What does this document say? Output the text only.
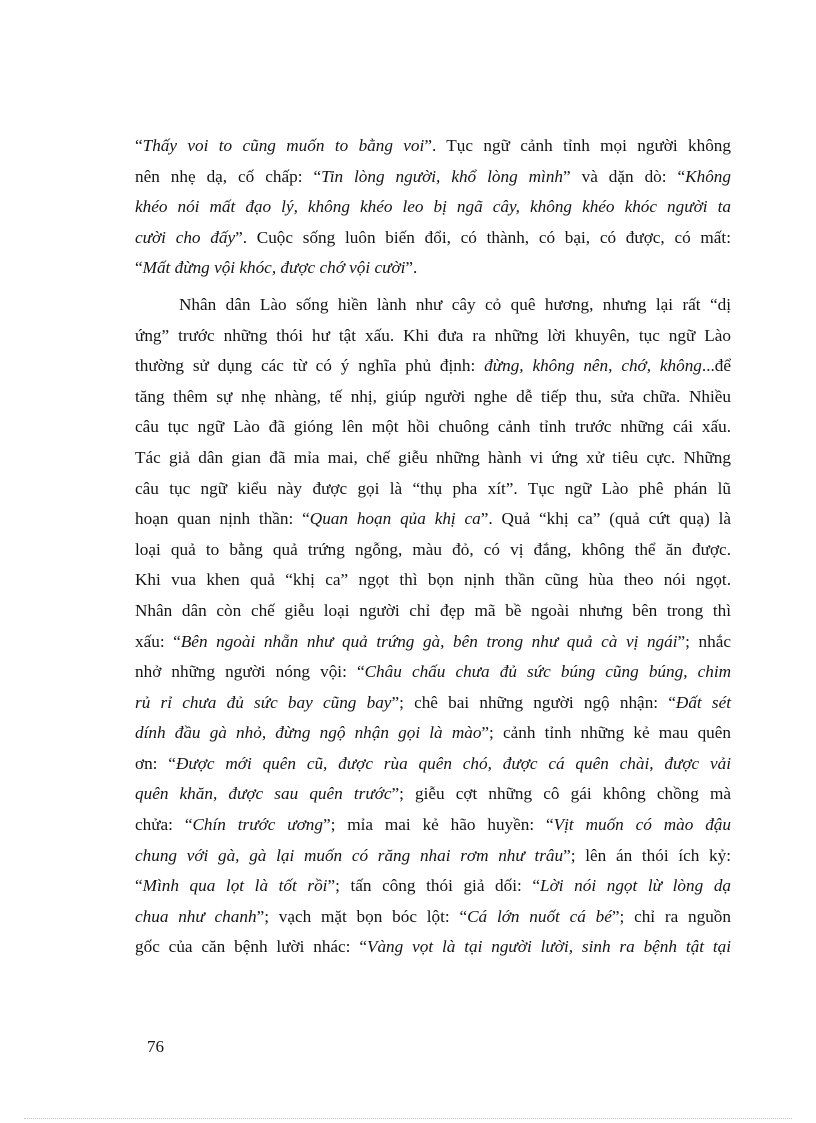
“Thấy voi to cũng muốn to bằng voi”. Tục ngữ cảnh tỉnh mọi người không
nên nhẹ dạ, cố chấp: “Tin lòng người, khổ lòng mình” và dặn dò: “Không
khéo nói mất đạo lý, không khéo leo bị ngã cây, không khéo khóc người ta
cười cho đấy”. Cuộc sống luôn biến đổi, có thành, có bại, có được, có mất:
“Mất đừng vội khóc, được chớ vội cười”.
Nhân dân Lào sống hiền lành như cây cỏ quê hương, nhưng lại rất “dị
ứng” trước những thói hư tật xấu. Khi đưa ra những lời khuyên, tục ngữ Lào
thường sử dụng các từ có ý nghĩa phủ định: đừng, không nên, chớ, không...để
tăng thêm sự nhẹ nhàng, tế nhị, giúp người nghe dễ tiếp thu, sửa chữa. Nhiều
câu tục ngữ Lào đã gióng lên một hồi chuông cảnh tỉnh trước những cái xấu.
Tác giả dân gian đã mỉa mai, chế giễu những hành vi ứng xử tiêu cực. Những
câu tục ngữ kiểu này được gọi là “thụ pha xít”. Tục ngữ Lào phê phán lũ
hoạn quan nịnh thần: “Quan hoạn qủa khị ca”. Quả “khị ca” (quả cứt quạ) là
loại quả to bằng quả trứng ngỗng, màu đỏ, có vị đắng, không thể ăn được.
Khi vua khen quả “khị ca” ngọt thì bọn nịnh thần cũng hùa theo nói ngọt.
Nhân dân còn chế giễu loại người chỉ đẹp mã bề ngoài nhưng bên trong thì
xấu: “Bên ngoài nhẵn như quả trứng gà, bên trong như quả cà vị ngái”; nhắc
nhở những người nóng vội: “Châu chấu chưa đủ sức búng cũng búng, chim
rủ rỉ chưa đủ sức bay cũng bay”; chê bai những người ngộ nhận: “Đất sét
dính đầu gà nhỏ, đừng ngộ nhận gọi là mào”; cảnh tỉnh những kẻ mau quên
ơn: “Được mới quên cũ, được rùa quên chó, được cá quên chài, được vải
quên khăn, được sau quên trước”; giễu cợt những cô gái không chồng mà
chửa: “Chín trước ương”; mỉa mai kẻ hão huyền: “Vịt muốn có mào đậu
chung với gà, gà lại muốn có răng nhai rơm như trâu”; lên án thói ích kỷ:
“Mình qua lọt là tốt rồi”; tấn công thói giả dối: “Lời nói ngọt lừ lòng dạ
chua như chanh”; vạch mặt bọn bóc lột: “Cá lớn nuốt cá bé”; chỉ ra nguồn
gốc của căn bệnh lười nhác: “Vàng vọt là tại người lười, sinh ra bệnh tật tại
76
